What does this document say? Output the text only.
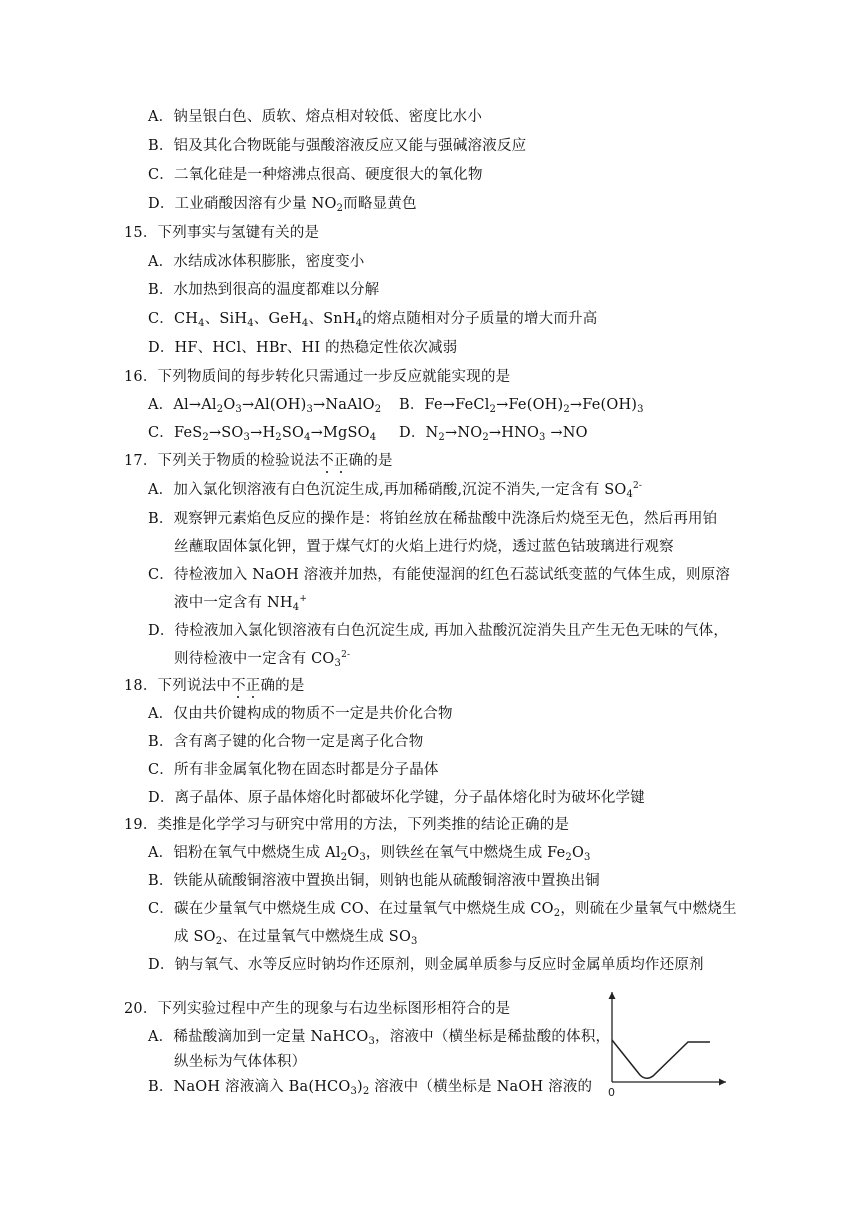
A．钠呈银白色、质软、熔点相对较低、密度比水小
B．铝及其化合物既能与强酸溶液反应又能与强碱溶液反应
C．二氧化硅是一种熔沸点很高、硬度很大的氧化物
D．工业硝酸因溶有少量 $NO_2$而略显黄色
15．下列事实与氢键有关的是
A．水结成冰体积膨胀，密度变小
B．水加热到很高的温度都难以分解
C．$CH_4$、SiH$_4$、GeH$_4$、SnH$_4$的熔点随相对分子质量的增大而升高
D．HF、HCl、HBr、HI 的热稳定性依次减弱
16．下列物质间的每步转化只需通过一步反应就能实现的是
A．$Al\to Al_2O_3\to Al(OH)_3\to NaAlO_2$ B．$Fe\to FeCl_2\to Fe(OH)_2\to Fe(OH)_3$
C．$FeS_2\to SO_3\to H_2SO_4\to MgSO_4$ D．$N_2\to NO_2\to HNO_3 \to NO$
17．下列关于物质的检验说法不正确的是
A．加入氯化钡溶液有白色沉淀生成,再加稀硝酸,沉淀不消失,一定含有 $SO_4^{2-}$
B．观察钾元素焰色反应的操作是：将铂丝放在稀盐酸中洗涤后灼烧至无色，然后再用铂
丝蘸取固体氯化钾，置于煤气灯的火焰上进行灼烧，透过蓝色钴玻璃进行观察
C．待检液加入 NaOH 溶液并加热，有能使湿润的红色石蕊试纸变蓝的气体生成，则原溶
液中一定含有 $NH_4^+$
D．待检液加入氯化钡溶液有白色沉淀生成, 再加入盐酸沉淀消失且产生无色无味的气体，
则待检液中一定含有 $CO_3^{2-}$
18．下列说法中不正确的是
A．仅由共价键构成的物质不一定是共价化合物
B．含有离子键的化合物一定是离子化合物
C．所有非金属氧化物在固态时都是分子晶体
D．离子晶体、原子晶体熔化时都破坏化学键，分子晶体熔化时为破坏化学键
19．类推是化学学习与研究中常用的方法，下列类推的结论正确的是
A．铝粉在氧气中燃烧生成 $Al_2O_3$，则铁丝在氧气中燃烧生成 $Fe_2O_3$
B．铁能从硫酸铜溶液中置换出铜，则钠也能从硫酸铜溶液中置换出铜
C．碳在少量氧气中燃烧生成 CO、在过量氧气中燃烧生成 $CO_2$，则硫在少量氧气中燃烧生
成 $SO_2$、在过量氧气中燃烧生成 $SO_3$
D．钠与氧气、水等反应时钠均作还原剂，则金属单质参与反应时金属单质均作还原剂
20．下列实验过程中产生的现象与右边坐标图形相符合的是
A．稀盐酸滴加到一定量 NaHCO$_3$，溶液中（横坐标是稀盐酸的体积，
纵坐标为气体体积）
B．NaOH 溶液滴入 $Ba(HCO_3)_2$ 溶液中（横坐标是 NaOH 溶液的 0
